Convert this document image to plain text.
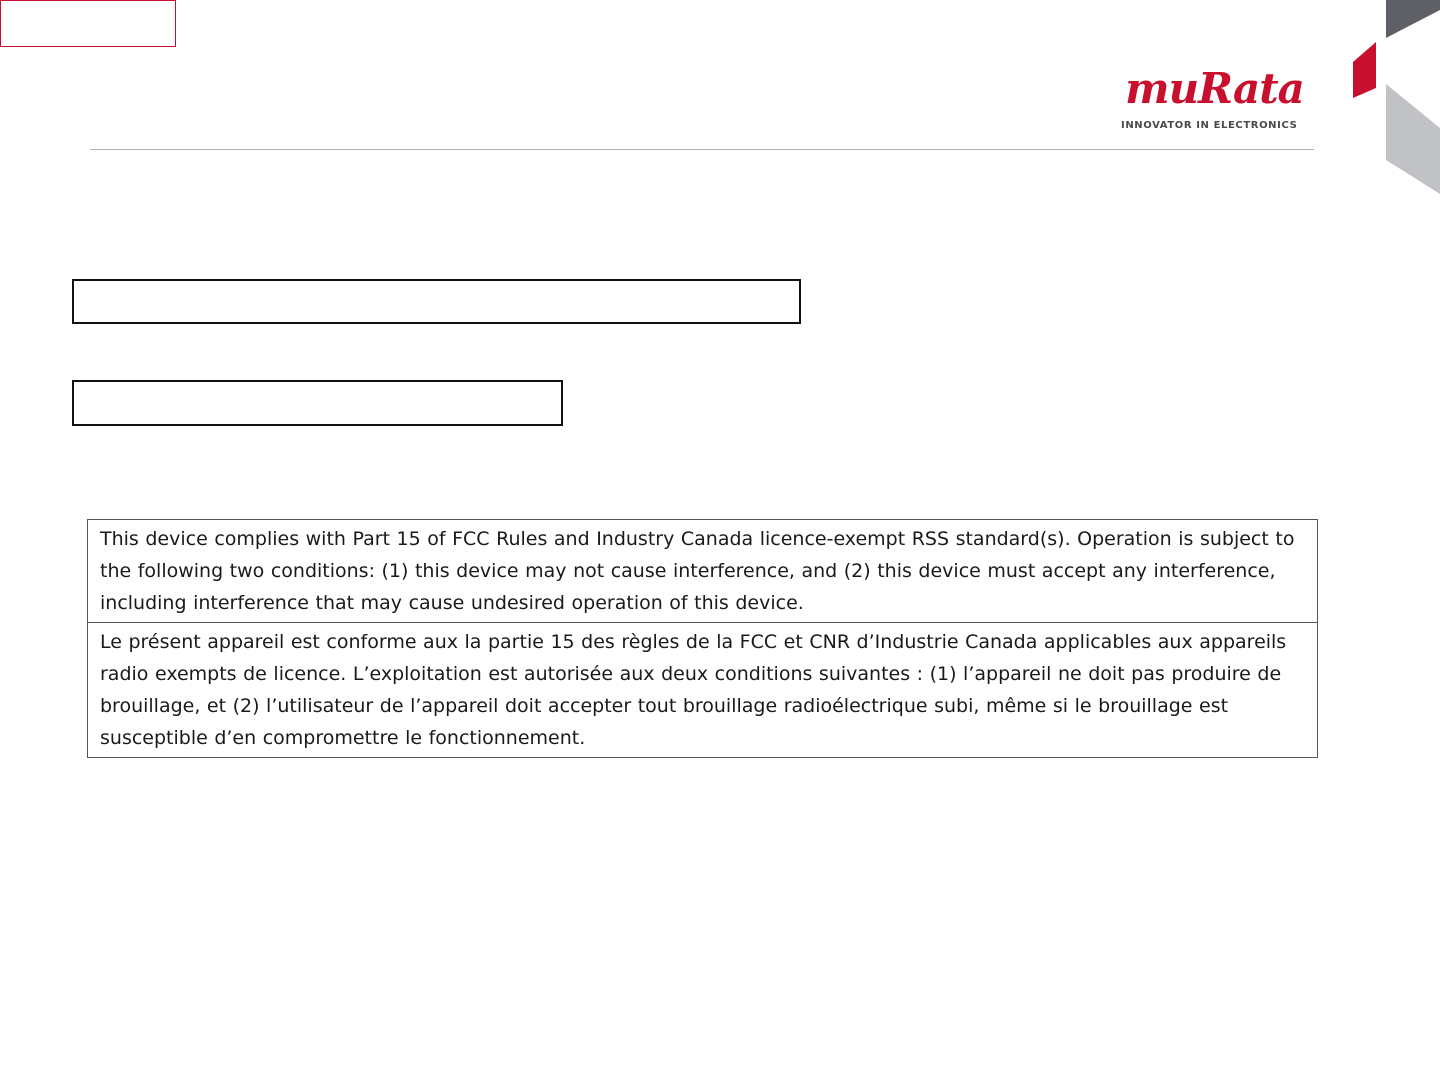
muRata
INNOVATOR IN ELECTRONICS
This device complies with Part 15 of FCC Rules and Industry Canada licence-exempt RSS standard(s). Operation is subject to the following two conditions: (1) this device may not cause interference, and (2) this device must accept any interference, including interference that may cause undesired operation of this device.
Le présent appareil est conforme aux la partie 15 des règles de la FCC et CNR d’Industrie Canada applicables aux appareils radio exempts de licence. L’exploitation est autorisée aux deux conditions suivantes : (1) l’appareil ne doit pas produire de brouillage, et (2) l’utilisateur de l’appareil doit accepter tout brouillage radioélectrique subi, même si le brouillage est susceptible d’en compromettre le fonctionnement.
